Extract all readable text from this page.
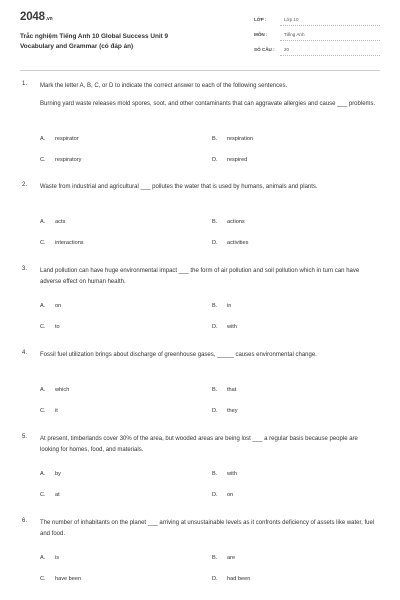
2048.vn
Trắc nghiệm Tiếng Anh 10 Global Success Unit 9
Vocabulary and Grammar (có đáp án)
LỚP :	Lớp 10
MÔN :	Tiếng Anh
SỐ CÂU : 20
1. Mark the letter A, B, C, or D to indicate the correct answer to each of the following sentences.

Burning yard waste releases mold spores, soot, and other contaminants that can aggravate allergies and cause ___ problems.

A. respirator	B. respiration
C. respiratory	D. respired
2. Waste from industrial and agricultural ___ pollutes the water that is used by humans, animals and plants.

A. acts	B. actions
C. interactions	D. activities
3. Land pollution can have huge environmental impact ___ the form of air pollution and soil pollution which in turn can have adverse effect on human health.

A. on	B. in
C. to	D. with
4. Fossil fuel utilization brings about discharge of greenhouse gases, _____ causes environmental change.

A. which	B. that
C. it	D. they
5. At present, timberlands cover 30% of the area, but wooded areas are being lost ___ a regular basis because people are looking for homes, food, and materials.

A. by	B. with
C. at	D. on
6. The number of inhabitants on the planet ___ arriving at unsustainable levels as it confronts deficiency of assets like water, fuel and food.

A. is	B. are
C. have been	D. had been
